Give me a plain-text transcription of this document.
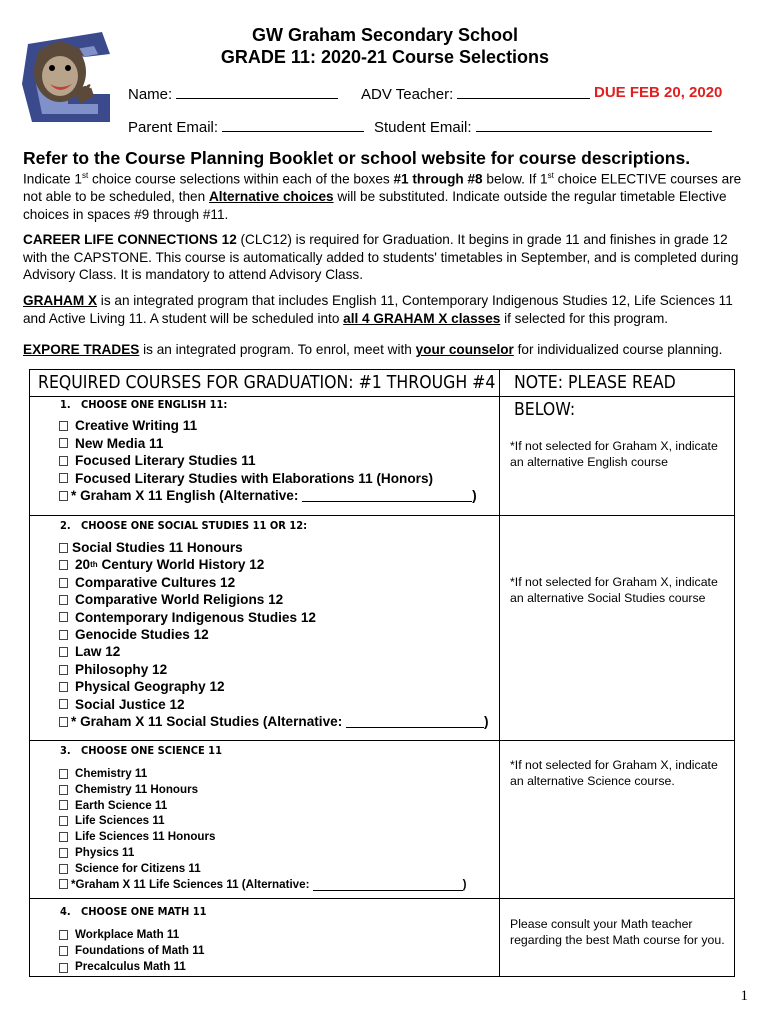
GW Graham Secondary School
GRADE 11: 2020-21 Course Selections
Name:	ADV Teacher:	DUE FEB 20, 2020
Parent Email:	Student Email:
Refer to the Course Planning Booklet or school website for course descriptions.

Indicate 1st choice course selections within each of the boxes #1 through #8 below. If 1st choice ELECTIVE courses are not able to be scheduled, then Alternative choices will be substituted. Indicate outside the regular timetable Elective choices in spaces #9 through #11.

CAREER LIFE CONNECTIONS 12 (CLC12) is required for Graduation. It begins in grade 11 and finishes in grade 12 with the CAPSTONE. This course is automatically added to students' timetables in September, and is completed during Advisory Class. It is mandatory to attend Advisory Class.

GRAHAM X is an integrated program that includes English 11, Contemporary Indigenous Studies 12, Life Sciences 11 and Active Living 11. A student will be scheduled into all 4 GRAHAM X classes if selected for this program.

EXPORE TRADES is an integrated program. To enrol, meet with your counselor for individualized course planning.

REQUIRED COURSES FOR GRADUATION: #1 THROUGH #4 NOTE: PLEASE READ BELOW:
1. CHOOSE ONE ENGLISH 11:
Creative Writing 11
New Media 11
Focused Literary Studies 11
Focused Literary Studies with Elaborations 11 (Honors)
* Graham X 11 English (Alternative:
	)
*If not selected for Graham X, indicate an alternative English course
2. CHOOSE ONE SOCIAL STUDIES 11 OR 12:
Social Studies 11 Honours
20 th Century World History 12
Comparative Cultures 12
Comparative World Religions 12
Contemporary Indigenous Studies 12
Genocide Studies 12
Law 12
Philosophy 12
Physical Geography 12
Social Justice 12
* Graham X 11 Social Studies (Alternative:
	)
*If not selected for Graham X, indicate an alternative Social Studies course
3. CHOOSE ONE SCIENCE 11
Chemistry 11
Chemistry 11 Honours
Earth Science 11
Life Sciences 11
Life Sciences 11 Honours
Physics 11
Science for Citizens 11
*Graham X 11 Life Sciences 11 (Alternative:
	)
*If not selected for Graham X, indicate an alternative Science course.
4. CHOOSE ONE MATH 11
Workplace Math 11
Foundations of Math 11
Precalculus Math 11
Please consult your Math teacher regarding the best Math course for you.
1
